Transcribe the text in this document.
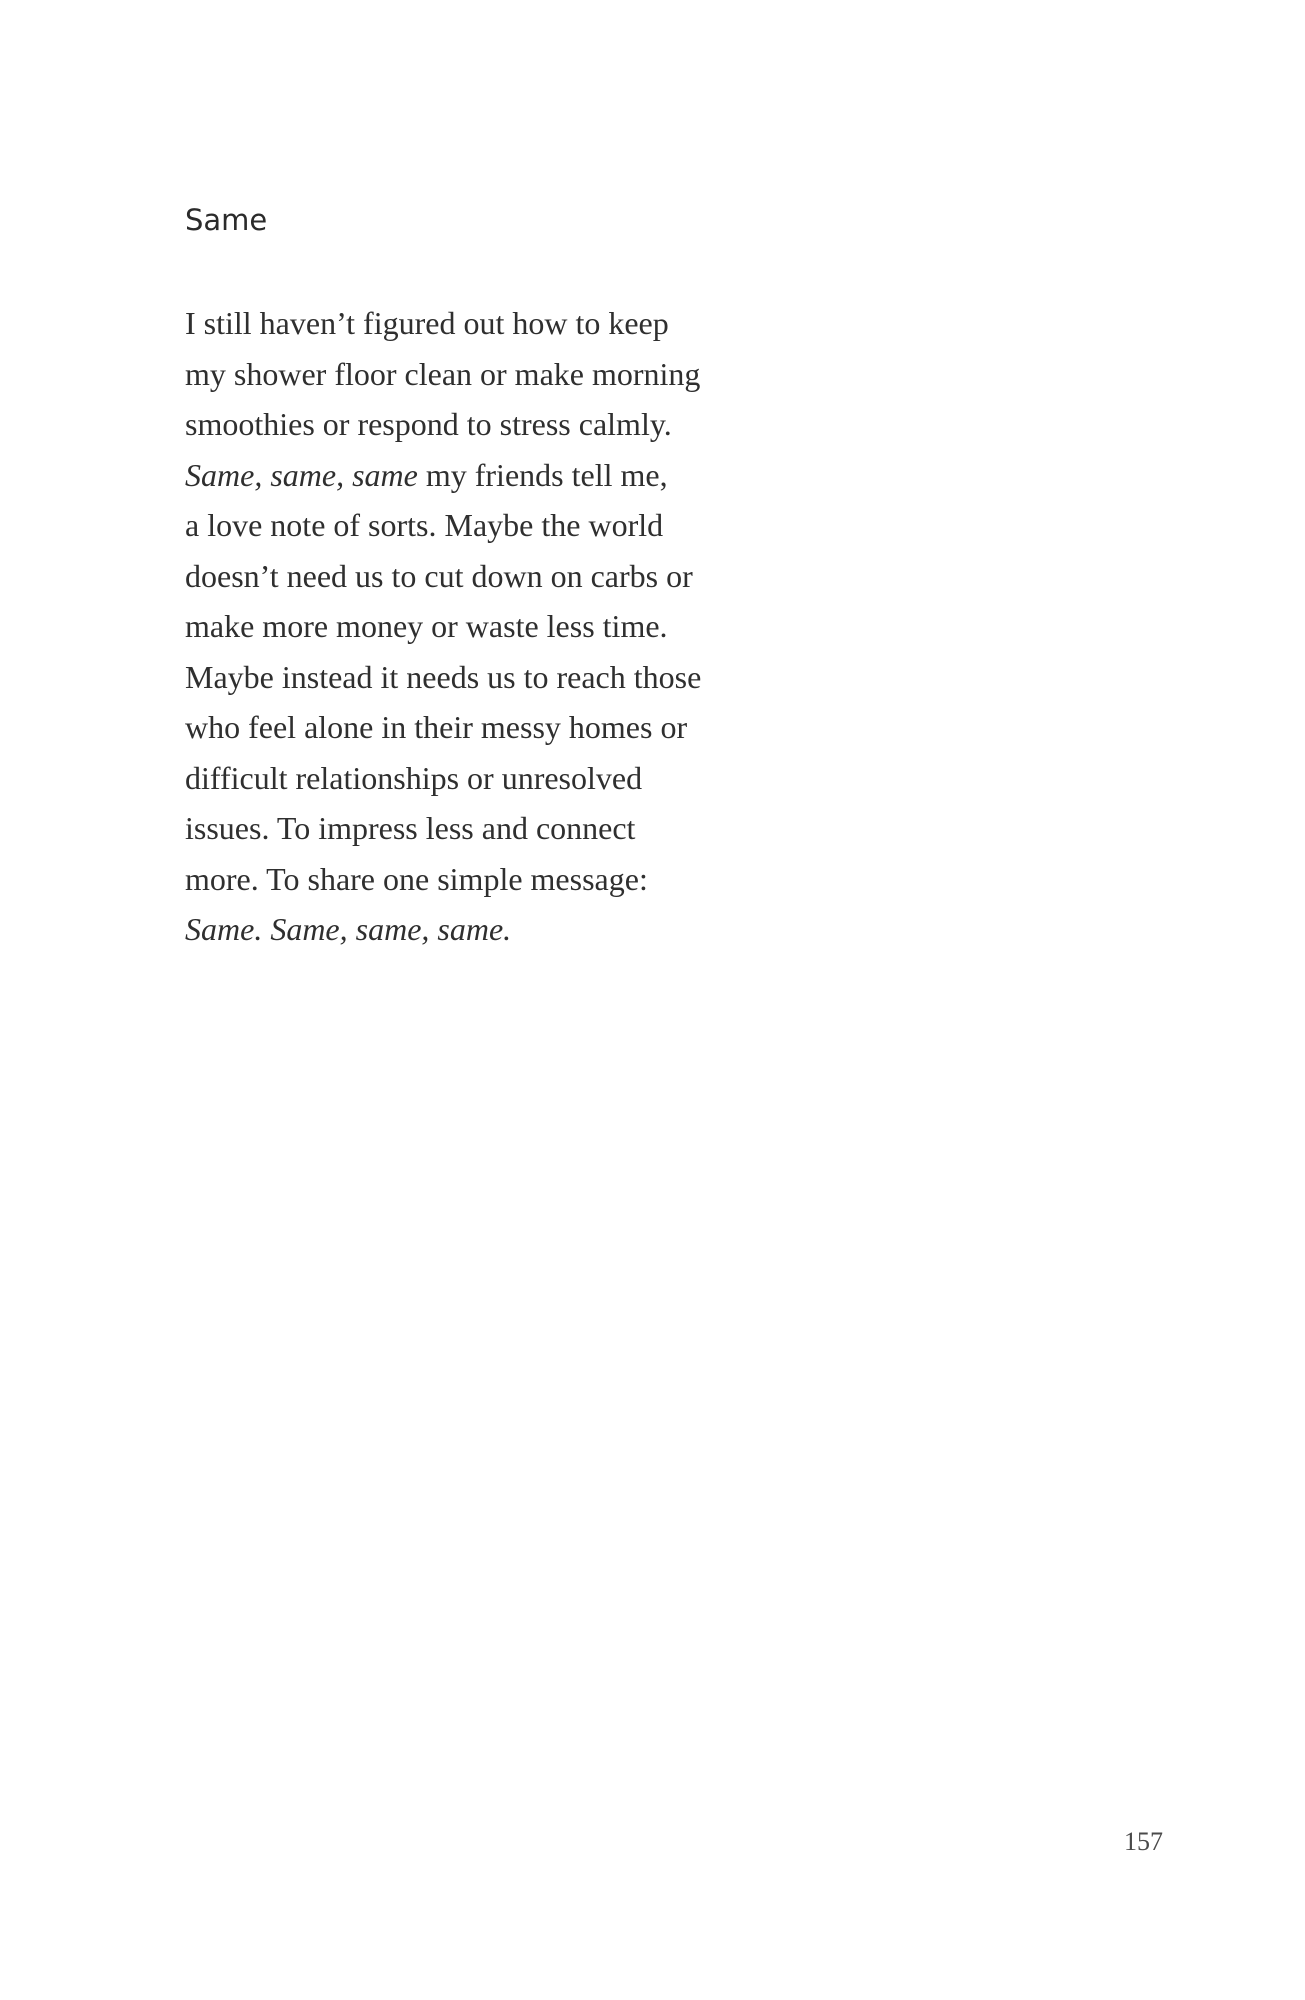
Same
I still haven’t figured out how to keep
my shower floor clean or make morning
smoothies or respond to stress calmly.
Same, same, same my friends tell me,
a love note of sorts. Maybe the world
doesn’t need us to cut down on carbs or
make more money or waste less time.
Maybe instead it needs us to reach those
who feel alone in their messy homes or
difficult relationships or unresolved
issues. To impress less and connect
more. To share one simple message:
Same. Same, same, same.
157
